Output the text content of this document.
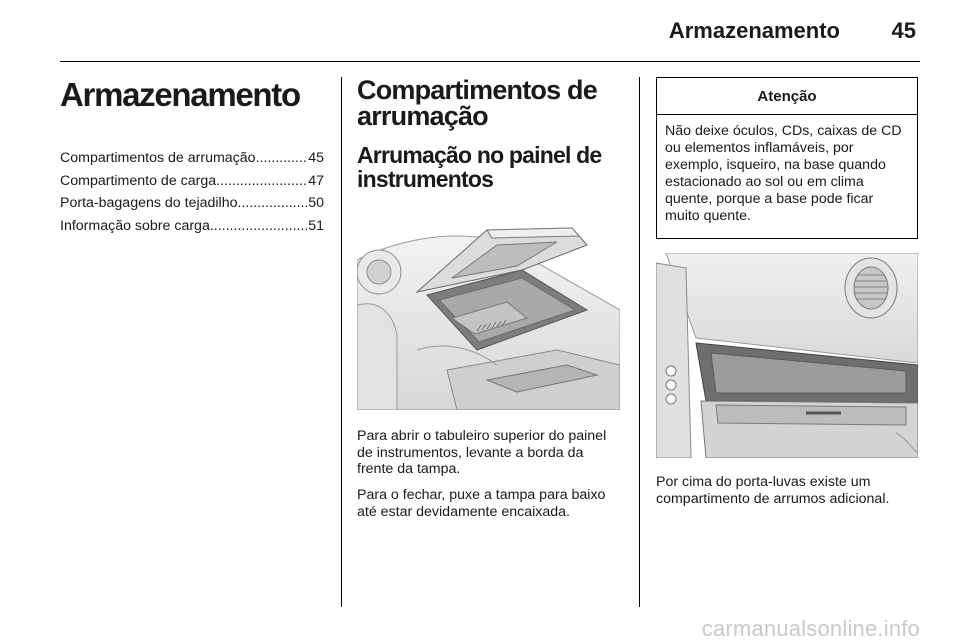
Armazenamento 45
Armazenamento
Compartimentos de arrumação .....	45
Compartimento de carga .....	47
Porta-bagagens do tejadilho .....	50
Informação sobre carga .....	51
Compartimentos de arrumação
Arrumação no painel de instrumentos

Para abrir o tabuleiro superior do painel de instrumentos, levante a borda da frente da tampa.

Para o fechar, puxe a tampa para baixo até estar devidamente encaixada.

Atenção
Não deixe óculos, CDs, caixas de CD ou elementos inflamáveis, por exemplo, isqueiro, na base quando estacionado ao sol ou em clima quente, porque a base pode ficar muito quente.

Por cima do porta-luvas existe um compartimento de arrumos adicional.

carmanualsonline.info
